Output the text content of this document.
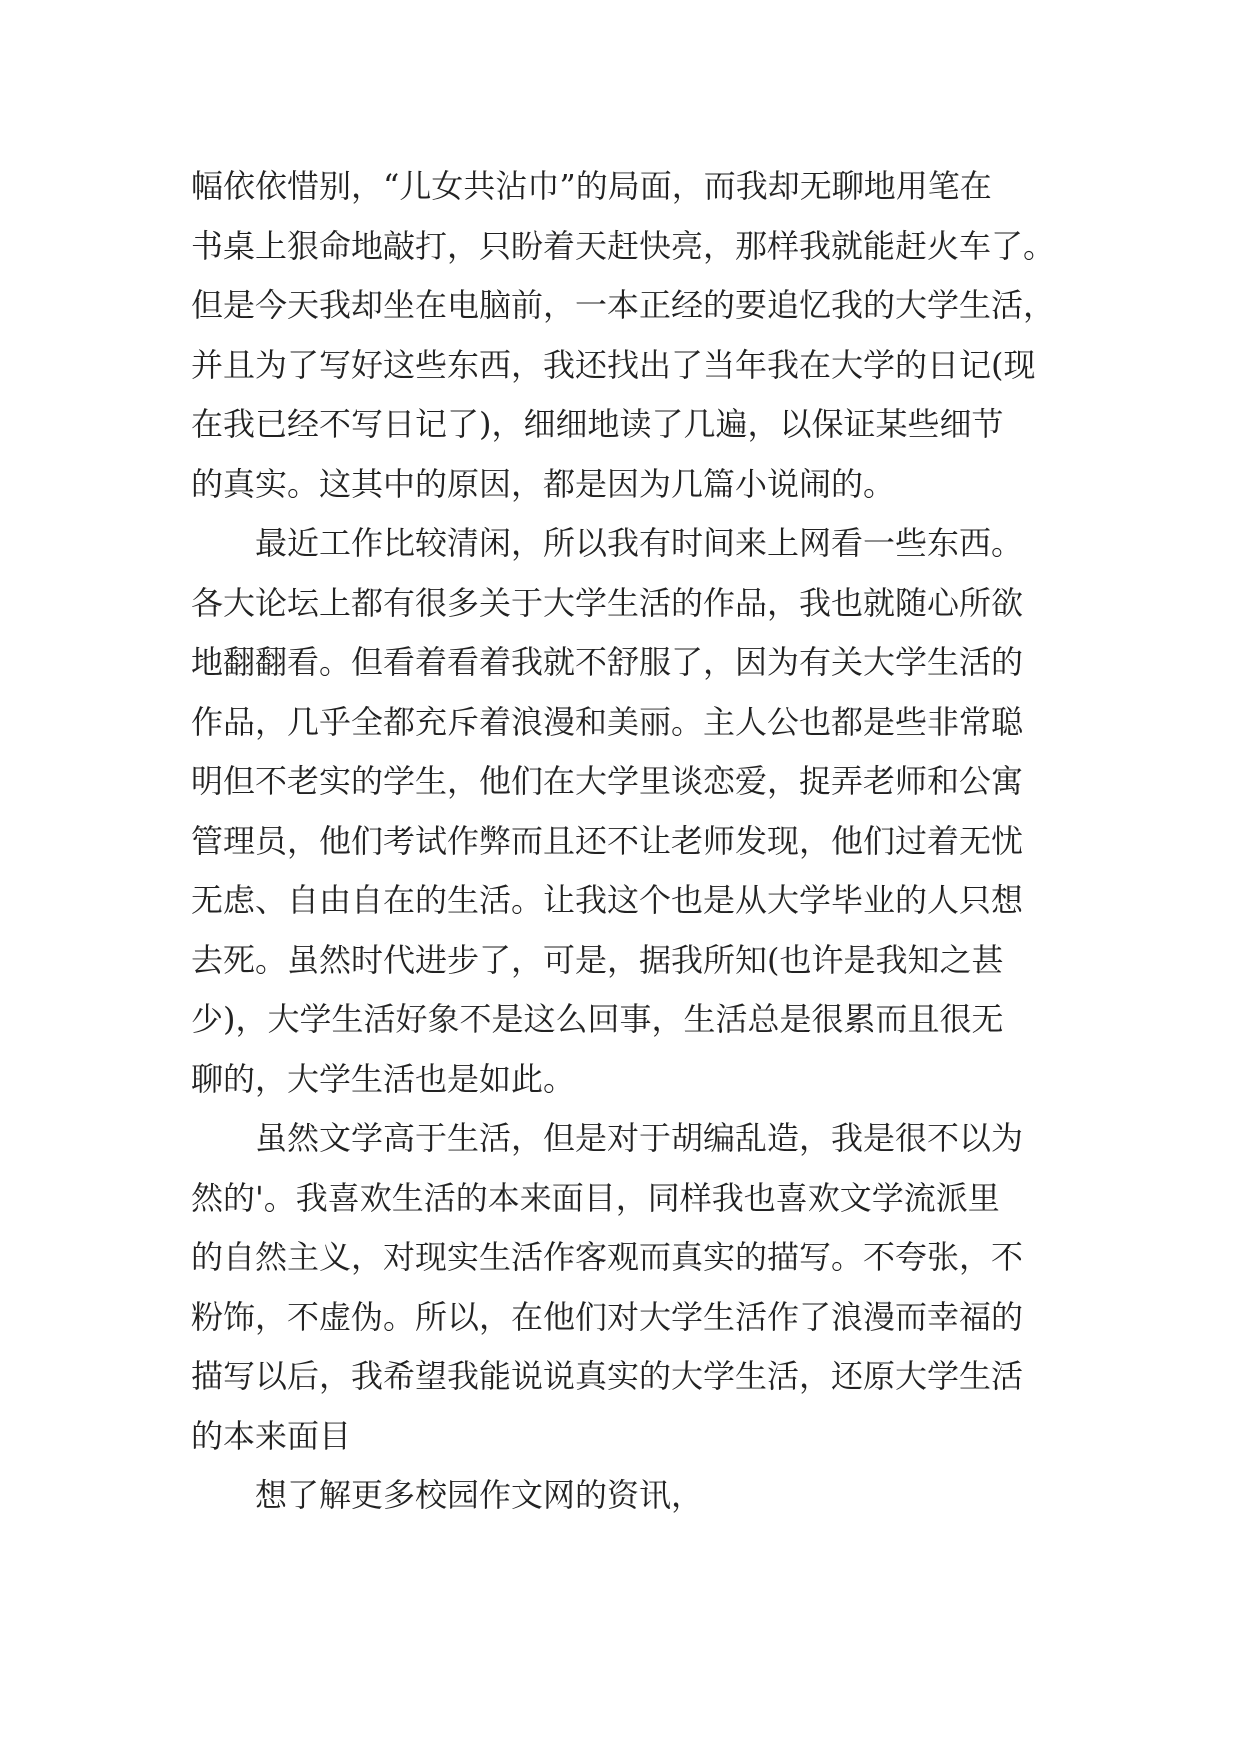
幅依依惜别，“儿女共沾巾”的局面，而我却无聊地用笔在
书桌上狠命地敲打，只盼着天赶快亮，那样我就能赶火车了。
但是今天我却坐在电脑前，一本正经的要追忆我的大学生活，
并且为了写好这些东西，我还找出了当年我在大学的日记(现
在我已经不写日记了)，细细地读了几遍，以保证某些细节
的真实。这其中的原因，都是因为几篇小说闹的。
最近工作比较清闲，所以我有时间来上网看一些东西。
各大论坛上都有很多关于大学生活的作品，我也就随心所欲
地翻翻看。但看着看着我就不舒服了，因为有关大学生活的
作品，几乎全都充斥着浪漫和美丽。主人公也都是些非常聪
明但不老实的学生，他们在大学里谈恋爱，捉弄老师和公寓
管理员，他们考试作弊而且还不让老师发现，他们过着无忧
无虑、自由自在的生活。让我这个也是从大学毕业的人只想
去死。虽然时代进步了，可是，据我所知(也许是我知之甚
少)，大学生活好象不是这么回事，生活总是很累而且很无
聊的，大学生活也是如此。
虽然文学高于生活，但是对于胡编乱造，我是很不以为
然的'。我喜欢生活的本来面目，同样我也喜欢文学流派里
的自然主义，对现实生活作客观而真实的描写。不夸张，不
粉饰，不虚伪。所以，在他们对大学生活作了浪漫而幸福的
描写以后，我希望我能说说真实的大学生活，还原大学生活
的本来面目
想了解更多校园作文网的资讯，
